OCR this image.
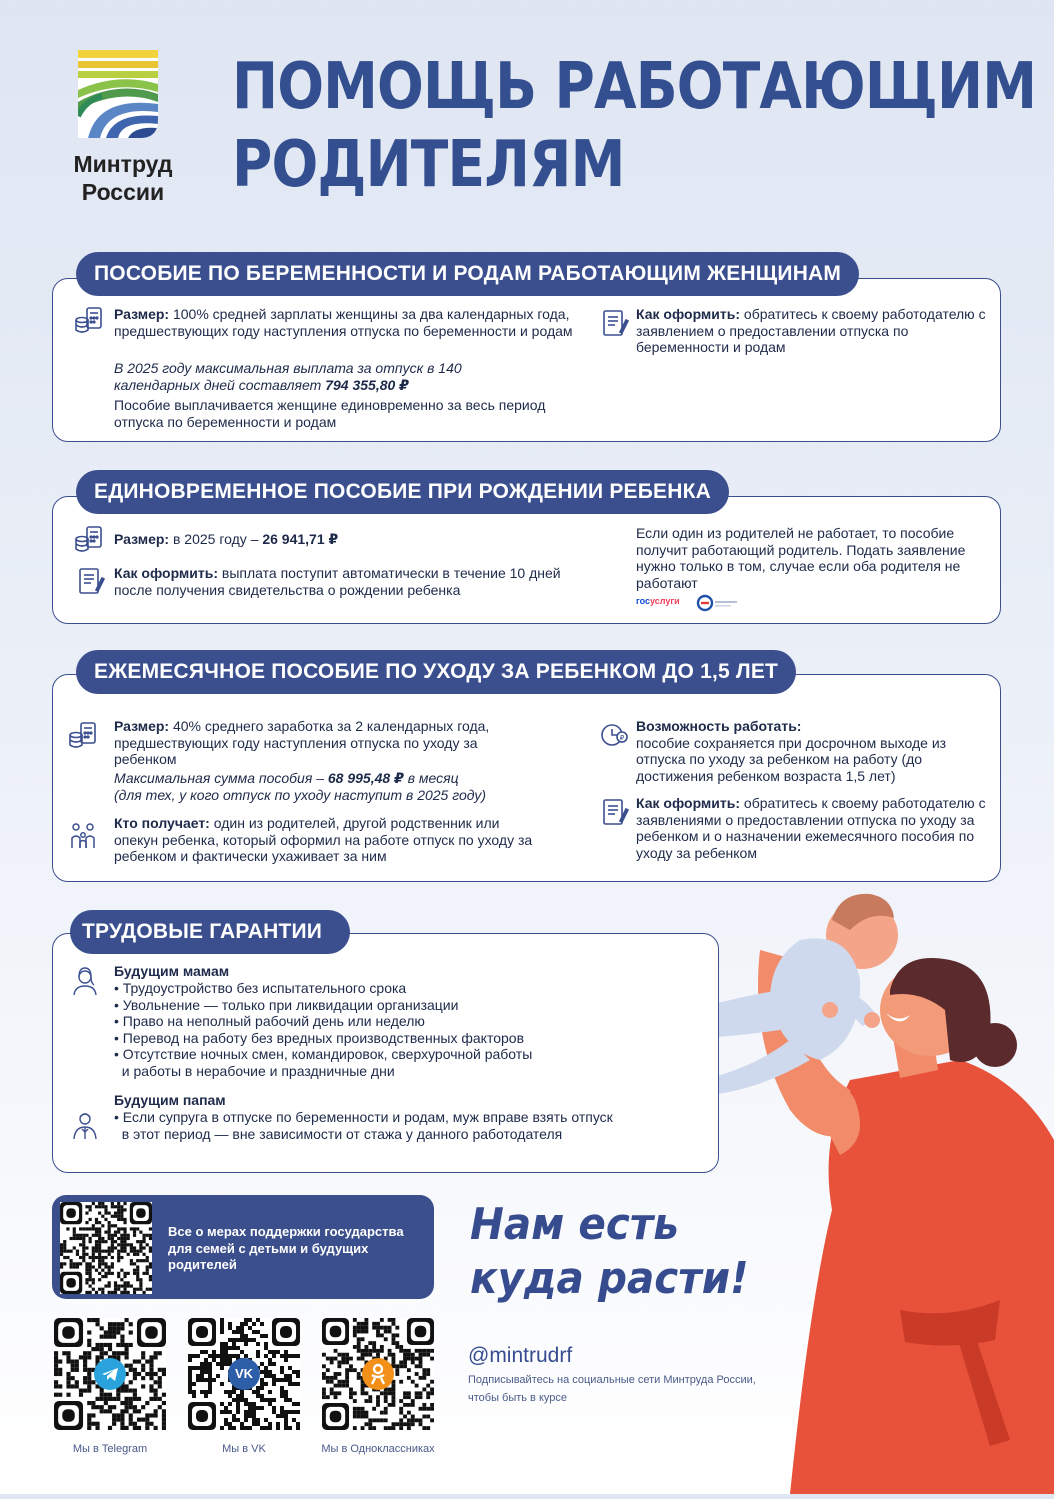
Минтруд
России
ПОМОЩЬ РАБОТАЮЩИМ
РОДИТЕЛЯМ
ПОСОБИЕ ПО БЕРЕМЕННОСТИ И РОДАМ РАБОТАЮЩИМ ЖЕНЩИНАМ
Размер: 100% средней зарплаты женщины за два календарных года, предшествующих году наступления отпуска по беременности и родам
В 2025 году максимальная выплата за отпуск в 140 календарных дней составляет 794 355,80 ₽
Пособие выплачивается женщине единовременно за весь период отпуска по беременности и родам
Как оформить: обратитесь к своему работодателю с заявлением о предоставлении отпуска по беременности и родам
ЕДИНОВРЕМЕННОЕ ПОСОБИЕ ПРИ РОЖДЕНИИ РЕБЕНКА
Размер: в 2025 году – 26 941,71 ₽
Как оформить: выплата поступит автоматически в течение 10 дней после получения свидетельства о рождении ребенка
Если один из родителей не работает, то пособие получит работающий родитель. Подать заявление нужно только в том, случае если оба родителя не работают
госуслуги
ЕЖЕМЕСЯЧНОЕ ПОСОБИЕ ПО УХОДУ ЗА РЕБЕНКОМ ДО 1,5 ЛЕТ
Размер: 40% среднего заработка за 2 календарных года, предшествующих году наступления отпуска по уходу за ребенком
Максимальная сумма пособия – 68 995,48 ₽ в месяц
(для тех, у кого отпуск по уходу наступит в 2025 году)
Кто получает: один из родителей, другой родственник или опекун ребенка, который оформил на работе отпуск по уходу за ребенком и фактически ухаживает за ним
₽
Возможность работать:
пособие сохраняется при досрочном выходе из отпуска по уходу за ребенком на работу (до достижения ребенком возраста 1,5 лет)
Как оформить: обратитесь к своему работодателю с заявлениями о предоставлении отпуска по уходу за ребенком и о назначении ежемесячного пособия по уходу за ребенком
ТРУДОВЫЕ ГАРАНТИИ
Будущим мамам
• Трудоустройство без испытательного срока
• Увольнение — только при ликвидации организации
• Право на неполный рабочий день или неделю
• Перевод на работу без вредных производственных факторов
• Отсутствие ночных смен, командировок, сверхурочной работы
и работы в нерабочие и праздничные дни
Будущим папам
• Если супруга в отпуске по беременности и родам, муж вправе взять отпуск
в этот период — вне зависимости от стажа у данного работодателя
Все о мерах поддержки государства для семей с детьми и будущих родителей
VK
Мы в Telegram	Мы в VK	Мы в Одноклассниках
Нам есть
куда расти!
@mintrudrf
Подписывайтесь на социальные сети Минтруда России,
чтобы быть в курсе
